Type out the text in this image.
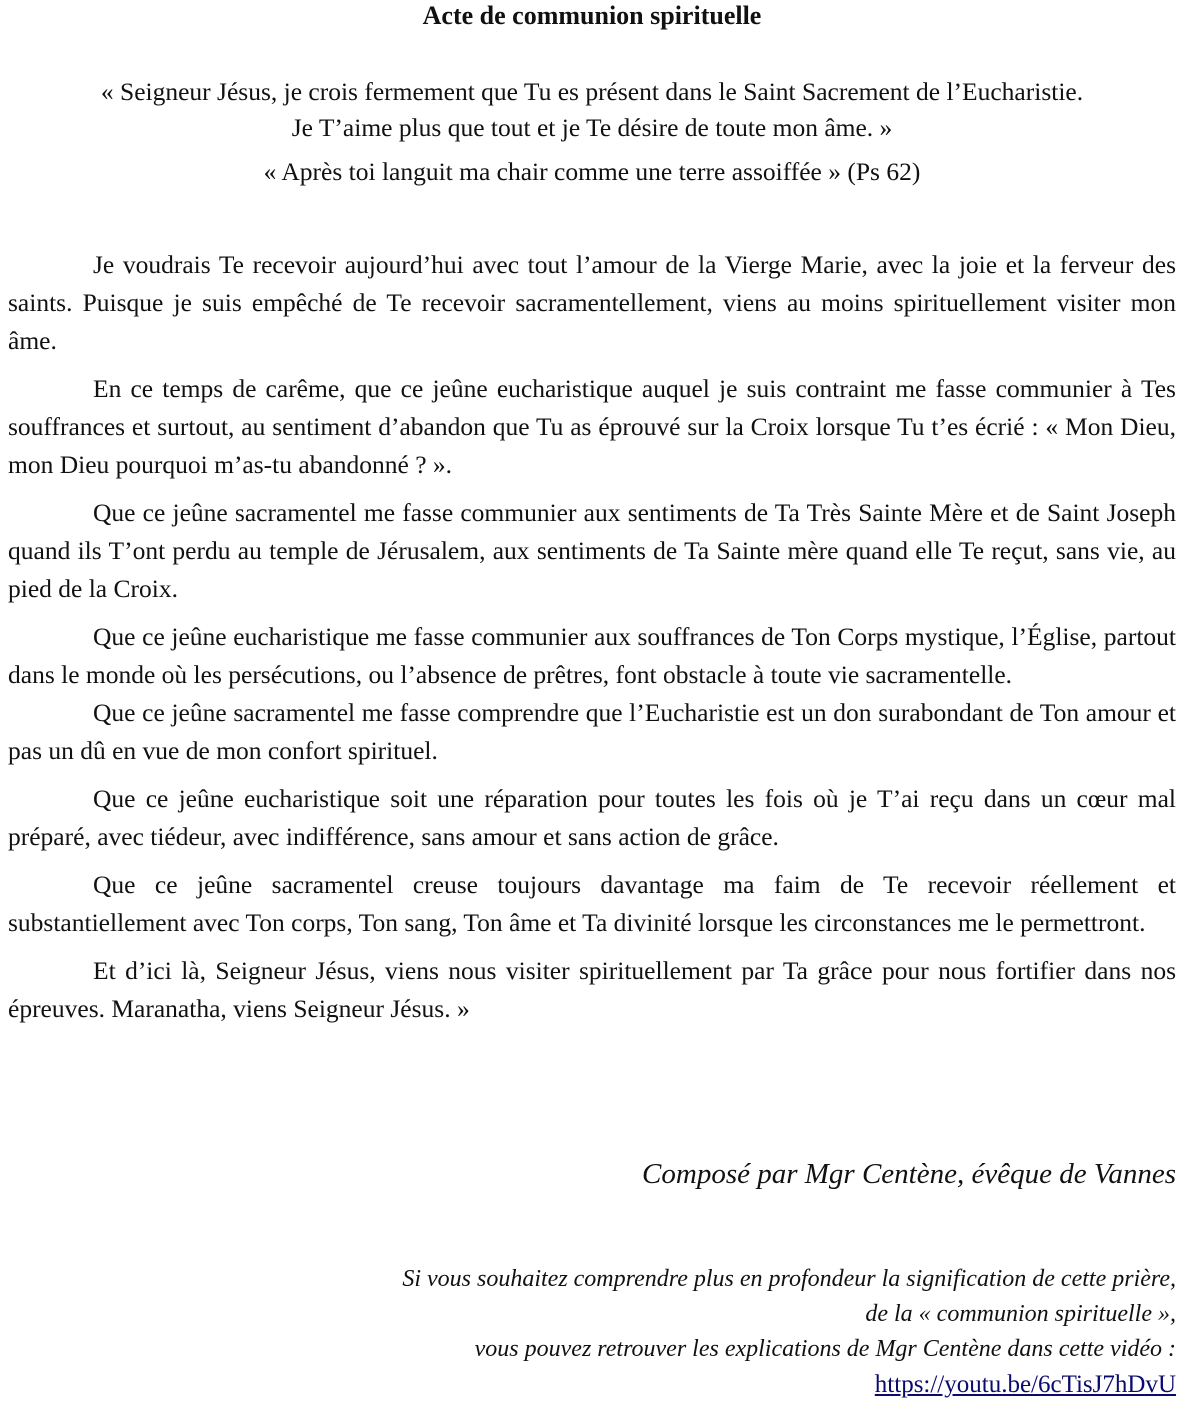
Acte de communion spirituelle

« Seigneur Jésus, je crois fermement que Tu es présent dans le Saint Sacrement de l’Eucharistie.

Je T’aime plus que tout et je Te désire de toute mon âme. »

« Après toi languit ma chair comme une terre assoiffée » (Ps 62)

Je voudrais Te recevoir aujourd’hui avec tout l’amour de la Vierge Marie, avec la joie et la ferveur des saints. Puisque je suis empêché de Te recevoir sacramentellement, viens au moins spirituellement visiter mon âme.

En ce temps de carême, que ce jeûne eucharistique auquel je suis contraint me fasse communier à Tes souffrances et surtout, au sentiment d’abandon que Tu as éprouvé sur la Croix lorsque Tu t’es écrié : « Mon Dieu, mon Dieu pourquoi m’as-tu abandonné ? ».

Que ce jeûne sacramentel me fasse communier aux sentiments de Ta Très Sainte Mère et de Saint Joseph quand ils T’ont perdu au temple de Jérusalem, aux sentiments de Ta Sainte mère quand elle Te reçut, sans vie, au pied de la Croix.

Que ce jeûne eucharistique me fasse communier aux souffrances de Ton Corps mystique, l’Église, partout dans le monde où les persécutions, ou l’absence de prêtres, font obstacle à toute vie sacramentelle.

Que ce jeûne sacramentel me fasse comprendre que l’Eucharistie est un don surabondant de Ton amour et pas un dû en vue de mon confort spirituel.

Que ce jeûne eucharistique soit une réparation pour toutes les fois où je T’ai reçu dans un cœur mal préparé, avec tiédeur, avec indifférence, sans amour et sans action de grâce.

Que ce jeûne sacramentel creuse toujours davantage ma faim de Te recevoir réellement et substantiellement avec Ton corps, Ton sang, Ton âme et Ta divinité lorsque les circonstances me le permettront.

Et d’ici là, Seigneur Jésus, viens nous visiter spirituellement par Ta grâce pour nous fortifier dans nos épreuves. Maranatha, viens Seigneur Jésus. »

Composé par Mgr Centène, évêque de Vannes

Si vous souhaitez comprendre plus en profondeur la signification de cette prière,
de la « communion spirituelle »,
vous pouvez retrouver les explications de Mgr Centène dans cette vidéo :
https://youtu.be/6cTisJ7hDvU
